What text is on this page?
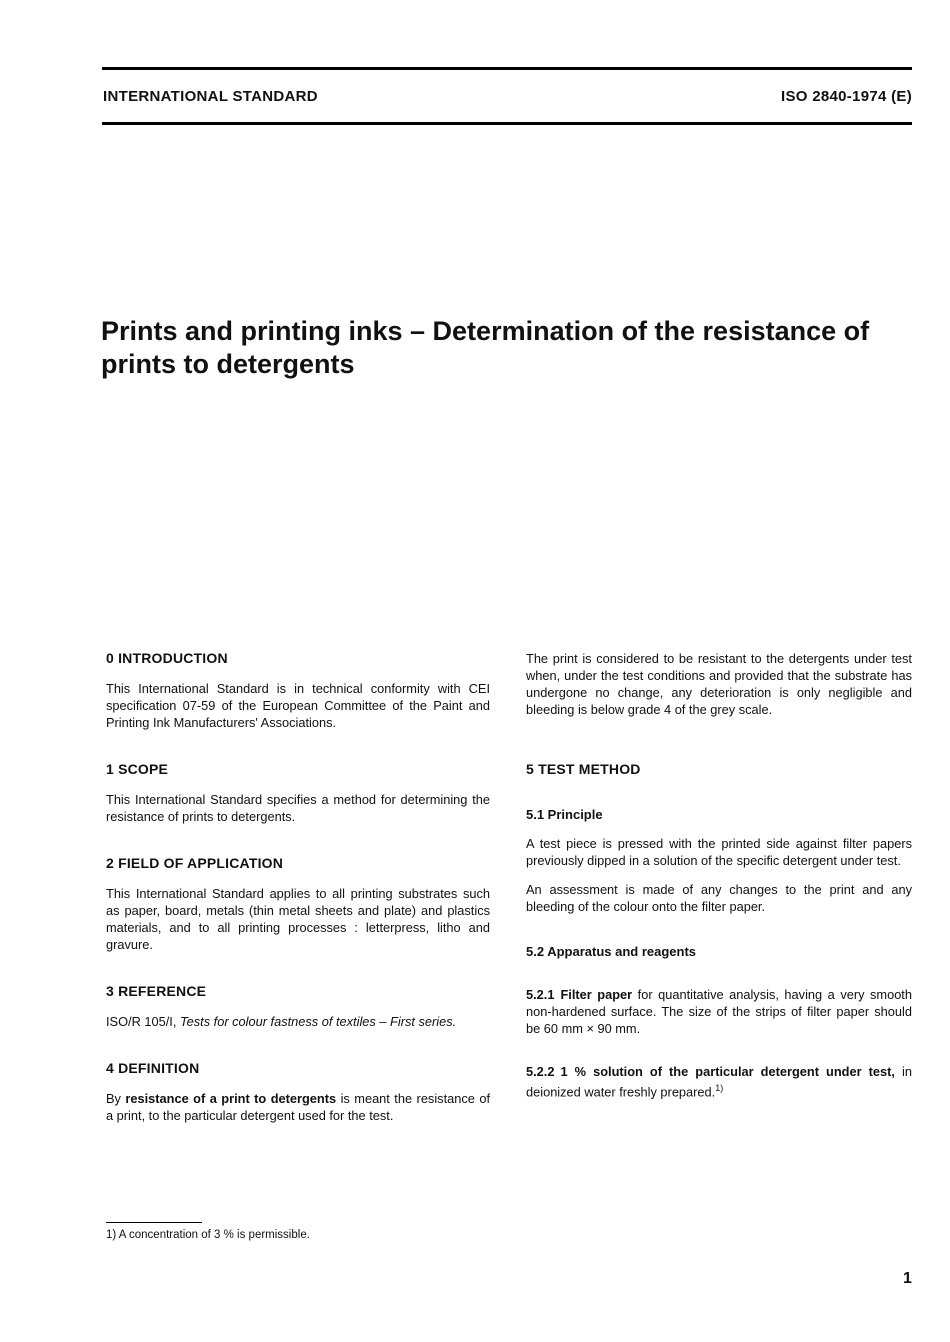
INTERNATIONAL STANDARD	ISO 2840-1974 (E)
Prints and printing inks – Determination of the resistance of prints to detergents
0 INTRODUCTION

This International Standard is in technical conformity with CEI specification 07-59 of the European Committee of the Paint and Printing Ink Manufacturers' Associations.

1 SCOPE

This International Standard specifies a method for determining the resistance of prints to detergents.

2 FIELD OF APPLICATION

This International Standard applies to all printing substrates such as paper, board, metals (thin metal sheets and plate) and plastics materials, and to all printing processes : letterpress, litho and gravure.

3 REFERENCE

ISO/R 105/I, Tests for colour fastness of textiles – First series.

4 DEFINITION

By resistance of a print to detergents is meant the resistance of a print, to the particular detergent used for the test.

The print is considered to be resistant to the detergents under test when, under the test conditions and provided that the substrate has undergone no change, any deterioration is only negligible and bleeding is below grade 4 of the grey scale.

5 TEST METHOD
5.1 Principle

A test piece is pressed with the printed side against filter papers previously dipped in a solution of the specific detergent under test.

An assessment is made of any changes to the print and any bleeding of the colour onto the filter paper.

5.2 Apparatus and reagents

5.2.1 Filter paper for quantitative analysis, having a very smooth non-hardened surface. The size of the strips of filter paper should be 60 mm × 90 mm.

5.2.2 1 % solution of the particular detergent under test, in deionized water freshly prepared.$^{1)}$

1) A concentration of 3 % is permissible.
1
